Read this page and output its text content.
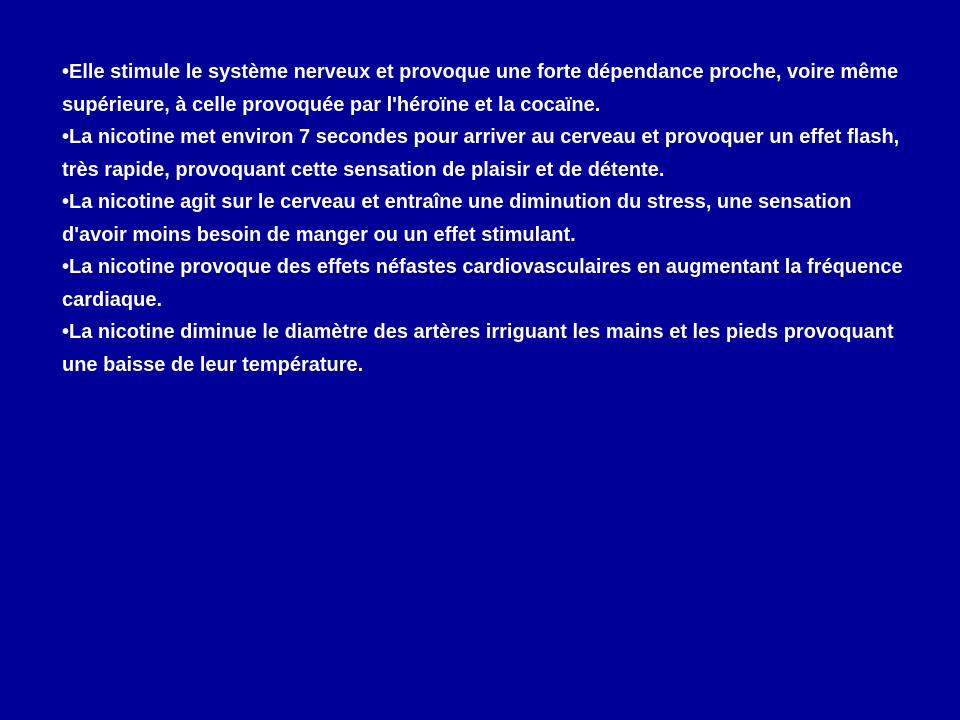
•Elle stimule le système nerveux et provoque une forte dépendance proche, voire même supérieure, à celle provoquée par l'héroïne et la cocaïne.

•La nicotine met environ 7 secondes pour arriver au cerveau et provoquer un effet flash, très rapide, provoquant cette sensation de plaisir et de détente.

•La nicotine agit sur le cerveau et entraîne une diminution du stress, une sensation d'avoir moins besoin de manger ou un effet stimulant.

•La nicotine provoque des effets néfastes cardiovasculaires en augmentant la fréquence cardiaque.

•La nicotine diminue le diamètre des artères irriguant les mains et les pieds provoquant une baisse de leur température.
